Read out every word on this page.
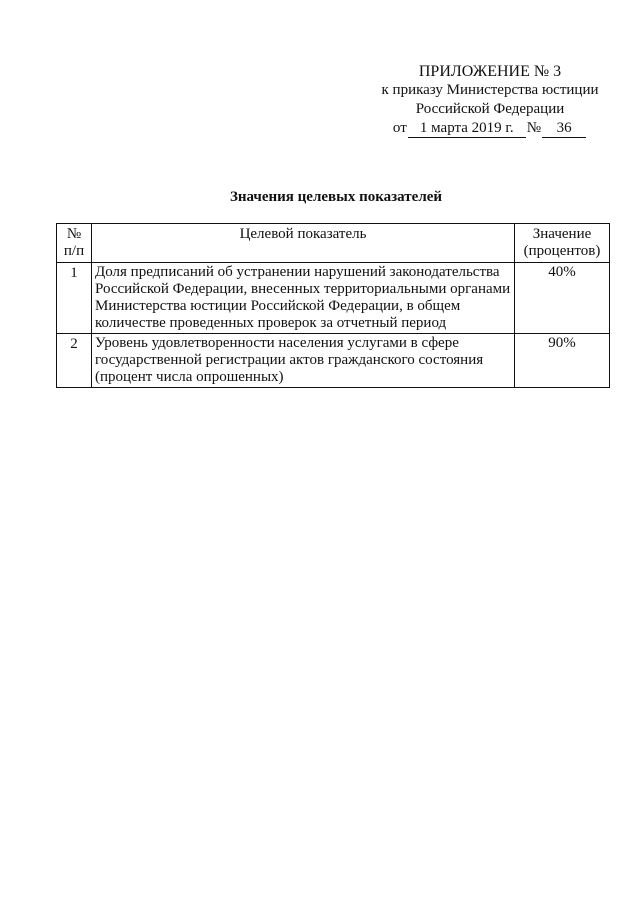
ПРИЛОЖЕНИЕ № 3
к приказу Министерства юстиции
Российской Федерации
от 1 марта 2019 г. № 36
Значения целевых показателей
№ п/п	Целевой показатель	Значение (процентов)
1	Доля предписаний об устранении нарушений законодательства Российской Федерации, внесенных территориальными органами Министерства юстиции Российской Федерации, в общем количестве проведенных проверок за отчетный период	40%
2	Уровень удовлетворенности населения услугами в сфере государственной регистрации актов гражданского состояния (процент числа опрошенных)	90%
